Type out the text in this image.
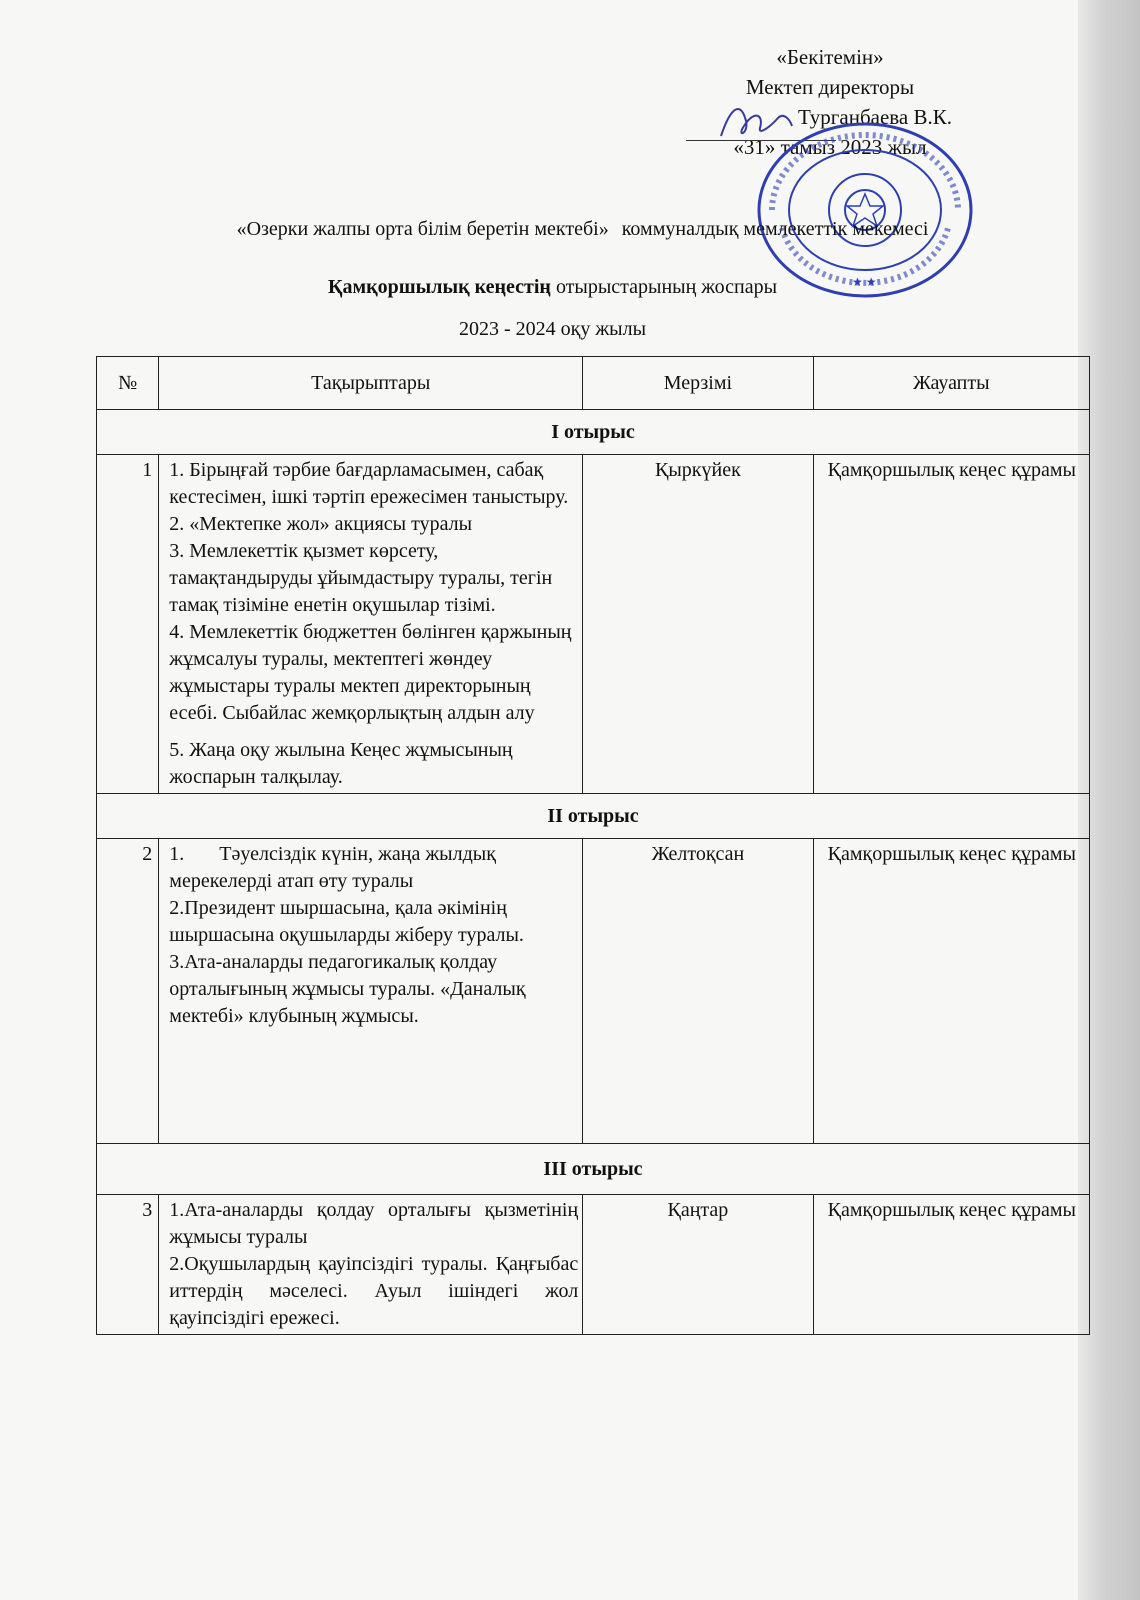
«Бекітемін»
Мектеп директоры
Турганбаева В.К.
«31» тамыз 2023 жыл
★ ★
«Озерки жалпы орта білім беретін мектебі» коммуналдық мемлекеттік мекемесі
Қамқоршылық кеңестің отырыстарының жоспары
2023 - 2024 оқу жылы
№	Тақырыптары	Мерзімі	Жауапты
І отырыс			
1	1. Бірыңғай тәрбие бағдарламасымен, сабақ кестесімен, ішкі тәртіп ережесімен таныстыру.
2. «Мектепке жол» акциясы туралы
3. Мемлекеттік қызмет көрсету, тамақтандыруды ұйымдастыру туралы, тегін тамақ тізіміне енетін оқушылар тізімі.
4. Мемлекеттік бюджеттен бөлінген қаржының жұмсалуы туралы, мектептегі жөндеу жұмыстары туралы мектеп директорының есебі. Сыбайлас жемқорлықтың алдын алу
5. Жаңа оқу жылына Кеңес жұмысының жоспарын талқылау.	Қыркүйек	Қамқоршылық кеңес құрамы
ІІ отырыс			
2	1.       Тәуелсіздік күнін, жаңа жылдық мерекелерді атап өту туралы
2.Президент шыршасына, қала әкімінің шыршасына оқушыларды жіберу туралы.
3.Ата-аналарды педагогикалық қолдау орталығының жұмысы туралы. «Даналық мектебі» клубының жұмысы.	Желтоқсан	Қамқоршылық кеңес құрамы
ІІІ отырыс			
3	1.Ата-аналарды қолдау орталығы қызметінің жұмысы туралы
2.Оқушылардың қауіпсіздігі туралы. Қаңғыбас иттердің мәселесі. Ауыл ішіндегі жол қауіпсіздігі ережесі.	Қаңтар	Қамқоршылық кеңес құрамы
